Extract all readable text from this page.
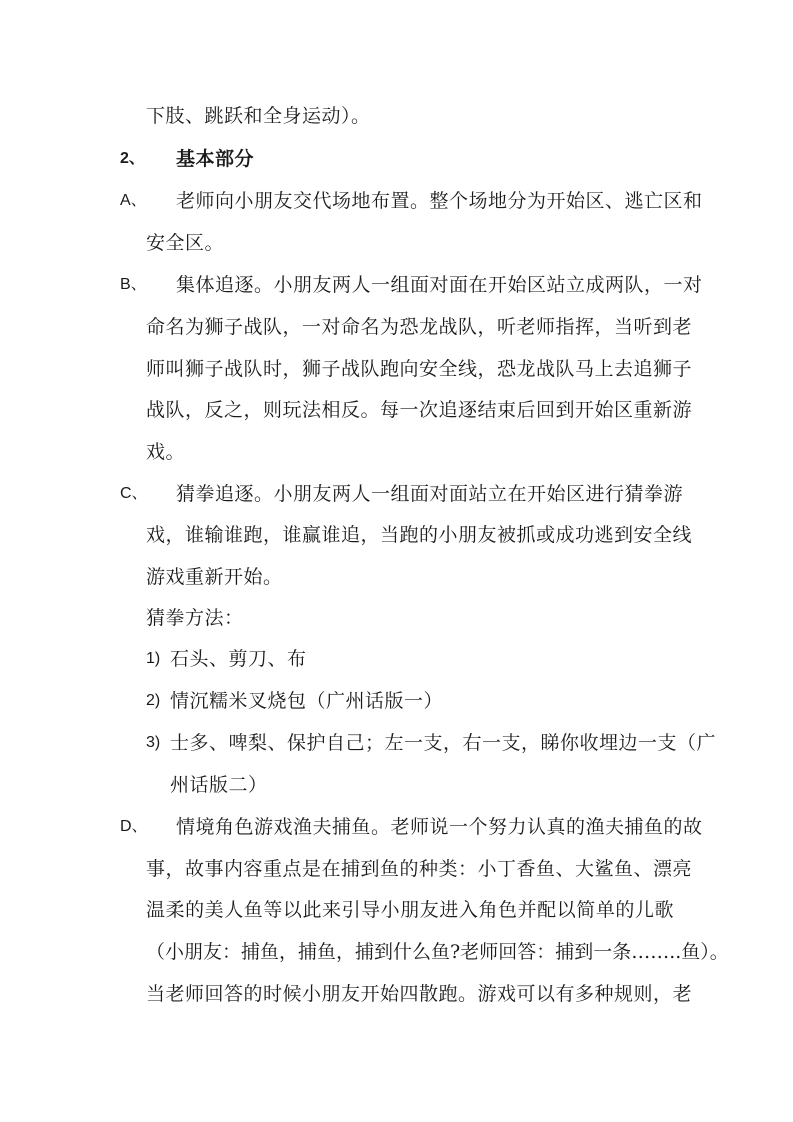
下肢、跳跃和全身运动）。
2、 基本部分
A、 老师向小朋友交代场地布置。整个场地分为开始区、逃亡区和
安全区。
B、 集体追逐。小朋友两人一组面对面在开始区站立成两队，一对
命名为狮子战队，一对命名为恐龙战队，听老师指挥，当听到老
师叫狮子战队时，狮子战队跑向安全线，恐龙战队马上去追狮子
战队，反之，则玩法相反。每一次追逐结束后回到开始区重新游
戏。
C、 猜拳追逐。小朋友两人一组面对面站立在开始区进行猜拳游
戏，谁输谁跑，谁赢谁追，当跑的小朋友被抓或成功逃到安全线
游戏重新开始。
猜拳方法：
1) 石头、剪刀、布
2) 情沉糯米叉烧包（广州话版一）
3) 士多、啤梨、保护自己；左一支，右一支，睇你收埋边一支（广
州话版二）
D、 情境角色游戏渔夫捕鱼。老师说一个努力认真的渔夫捕鱼的故
事，故事内容重点是在捕到鱼的种类：小丁香鱼、大鲨鱼、漂亮
温柔的美人鱼等以此来引导小朋友进入角色并配以简单的儿歌
（小朋友：捕鱼，捕鱼，捕到什么鱼?老师回答：捕到一条……..鱼）。
当老师回答的时候小朋友开始四散跑。游戏可以有多种规则，老
